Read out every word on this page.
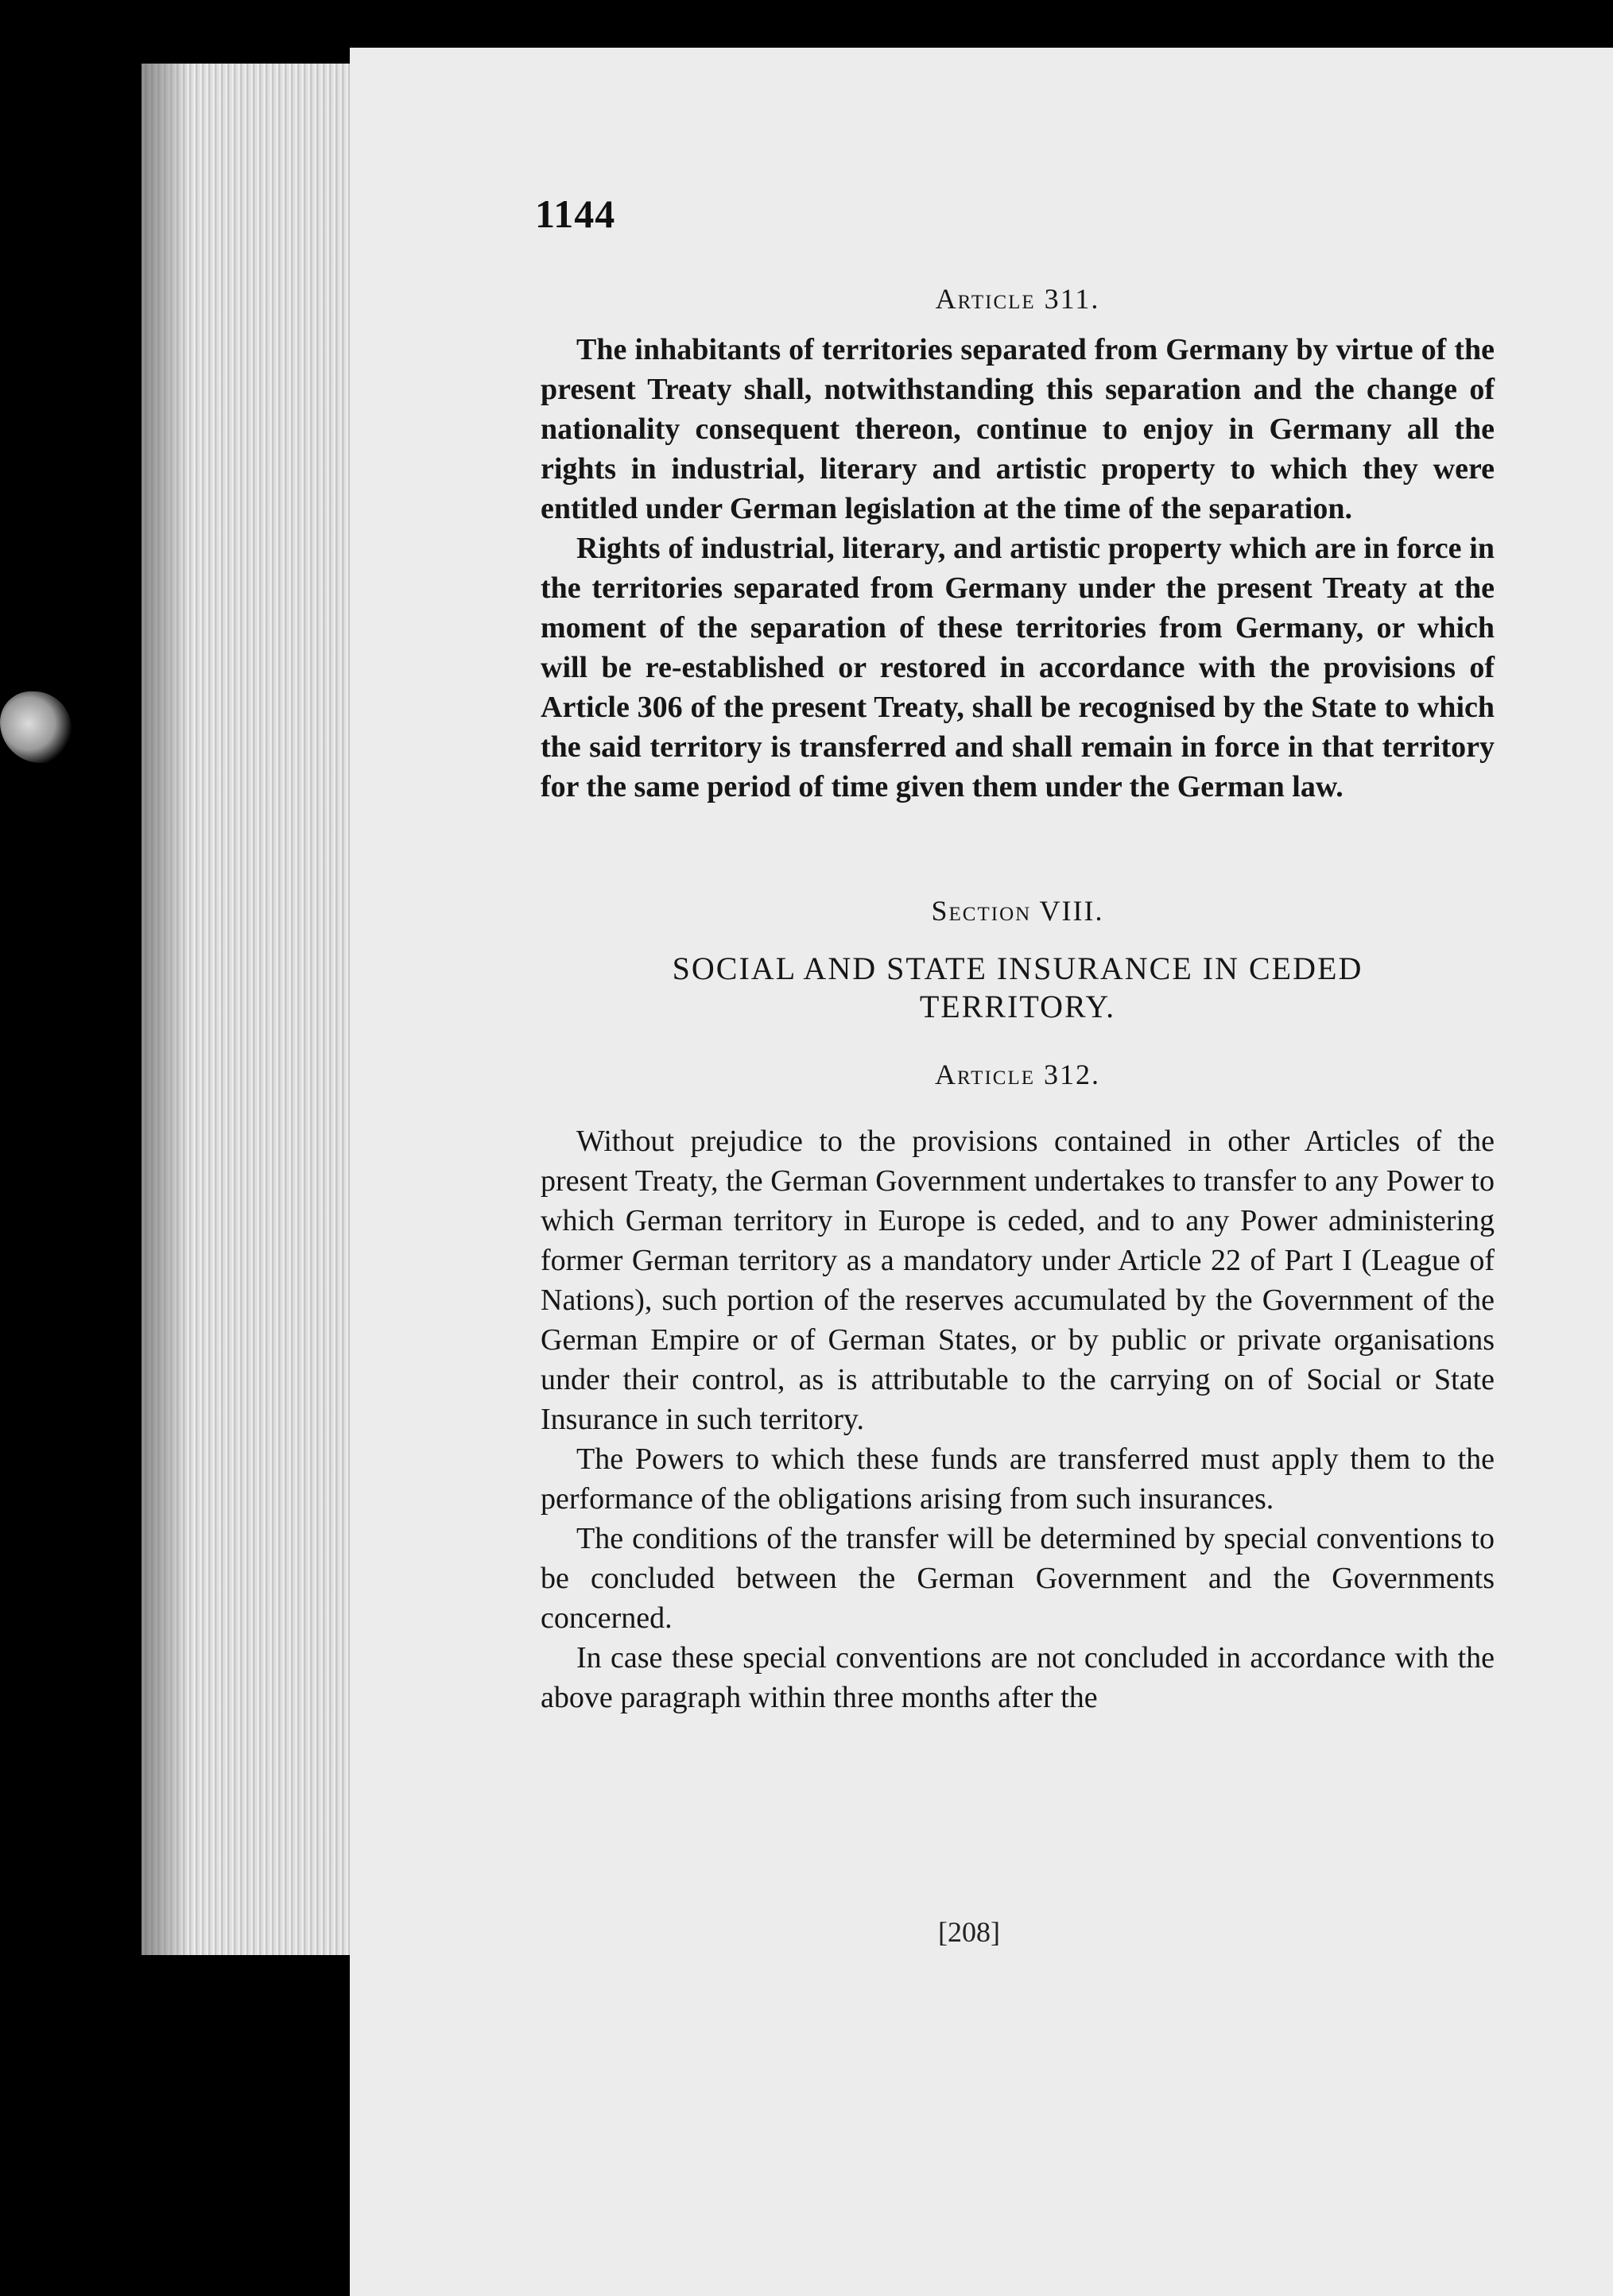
1144

Article 311.

The inhabitants of territories separated from Germany by virtue of the present Treaty shall, notwithstanding this separation and the change of nationality consequent thereon, continue to enjoy in Germany all the rights in industrial, literary and artistic property to which they were entitled under German legislation at the time of the separation.

Rights of industrial, literary, and artistic property which are in force in the territories separated from Germany under the present Treaty at the moment of the separation of these territories from Germany, or which will be re-established or restored in accordance with the provisions of Article 306 of the present Treaty, shall be recognised by the State to which the said territory is transferred and shall remain in force in that territory for the same period of time given them under the German law.

Section VIII.

SOCIAL AND STATE INSURANCE IN CEDED

TERRITORY.

Article 312.

Without prejudice to the provisions contained in other Articles of the present Treaty, the German Government undertakes to transfer to any Power to which German territory in Europe is ceded, and to any Power administering former German territory as a mandatory under Article 22 of Part I (League of Nations), such portion of the reserves accumulated by the Government of the German Empire or of German States, or by public or private organisations under their control, as is attributable to the carrying on of Social or State Insurance in such territory.

The Powers to which these funds are transferred must apply them to the performance of the obligations arising from such insurances.

The conditions of the transfer will be determined by special conventions to be concluded between the German Government and the Governments concerned.

In case these special conventions are not concluded in accordance with the above paragraph within three months after the

[208]
